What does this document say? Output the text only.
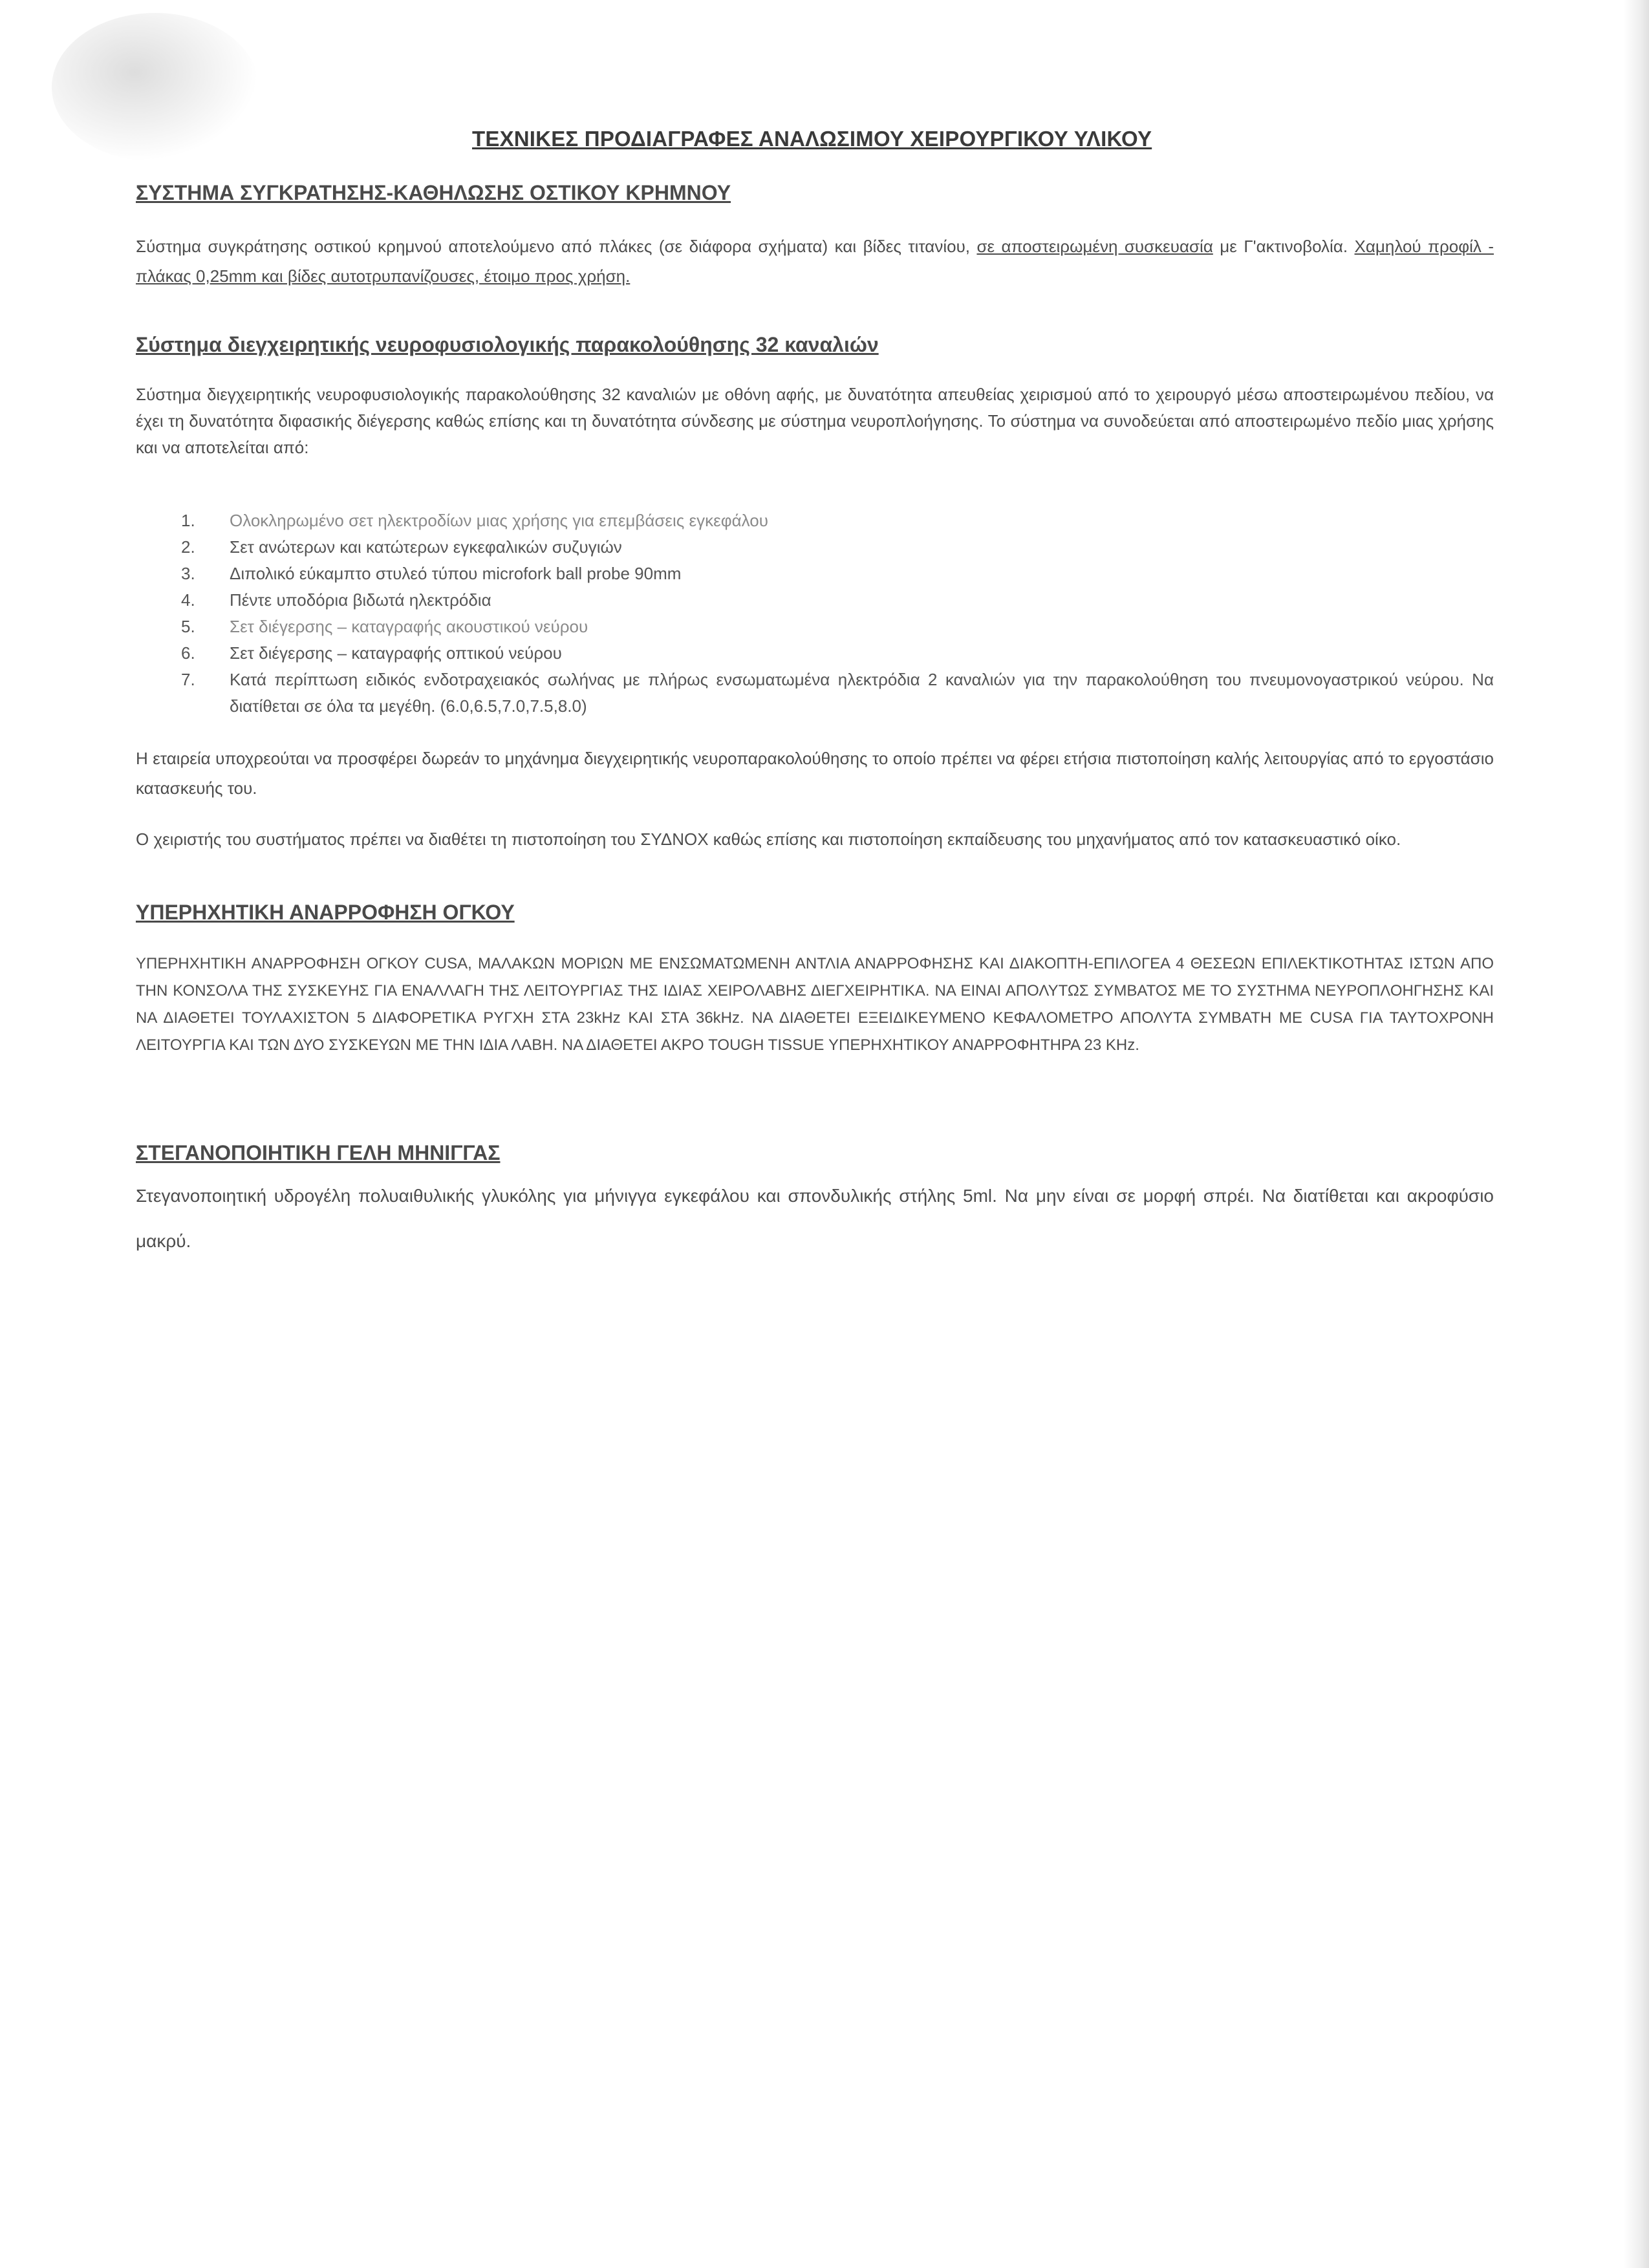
ΤΕΧΝΙΚΕΣ ΠΡΟΔΙΑΓΡΑΦΕΣ ΑΝΑΛΩΣΙΜΟΥ ΧΕΙΡΟΥΡΓΙΚΟΥ ΥΛΙΚΟΥ
ΣΥΣΤΗΜΑ ΣΥΓΚΡΑΤΗΣΗΣ-ΚΑΘΗΛΩΣΗΣ ΟΣΤΙΚΟΥ ΚΡΗΜΝΟΥ
Σύστημα συγκράτησης οστικού κρημνού αποτελούμενο από πλάκες (σε διάφορα σχήματα) και βίδες τιτανίου, σε αποστειρωμένη συσκευασία με Γ'ακτινοβολία. Χαμηλού προφίλ - πλάκας 0,25mm και βίδες αυτοτρυπανίζουσες, έτοιμο προς χρήση.
Σύστημα διεγχειρητικής νευροφυσιολογικής παρακολούθησης 32 καναλιών
Σύστημα διεγχειρητικής νευροφυσιολογικής παρακολούθησης 32 καναλιών με οθόνη αφής, με δυνατότητα απευθείας χειρισμού από το χειρουργό μέσω αποστειρωμένου πεδίου, να έχει τη δυνατότητα διφασικής διέγερσης καθώς επίσης και τη δυνατότητα σύνδεσης με σύστημα νευροπλοήγησης. Το σύστημα να συνοδεύεται από αποστειρωμένο πεδίο μιας χρήσης και να αποτελείται από:
1. Ολοκληρωμένο σετ ηλεκτροδίων μιας χρήσης για επεμβάσεις εγκεφάλου
2. Σετ ανώτερων και κατώτερων εγκεφαλικών συζυγιών
3. Διπολικό εύκαμπτο στυλεό τύπου microfork ball probe 90mm
4. Πέντε υποδόρια βιδωτά ηλεκτρόδια
5. Σετ διέγερσης – καταγραφής ακουστικού νεύρου
6. Σετ διέγερσης – καταγραφής οπτικού νεύρου
7. Κατά περίπτωση ειδικός ενδοτραχειακός σωλήνας με πλήρως ενσωματωμένα ηλεκτρόδια 2 καναλιών για την παρακολούθηση του πνευμονογαστρικού νεύρου. Να διατίθεται σε όλα τα μεγέθη. (6.0,6.5,7.0,7.5,8.0)
Η εταιρεία υποχρεούται να προσφέρει δωρεάν το μηχάνημα διεγχειρητικής νευροπαρακολούθησης το οποίο πρέπει να φέρει ετήσια πιστοποίηση καλής λειτουργίας από το εργοστάσιο κατασκευής του.
Ο χειριστής του συστήματος πρέπει να διαθέτει τη πιστοποίηση του ΣΥΔΝΟΧ καθώς επίσης και πιστοποίηση εκπαίδευσης του μηχανήματος από τον κατασκευαστικό οίκο.
ΥΠΕΡΗΧΗΤΙΚΗ ΑΝΑΡΡΟΦΗΣΗ ΟΓΚΟΥ
ΥΠΕΡΗΧΗΤΙΚΗ ΑΝΑΡΡΟΦΗΣΗ ΟΓΚΟΥ CUSA, ΜΑΛΑΚΩΝ ΜΟΡΙΩΝ ΜΕ ΕΝΣΩΜΑΤΩΜΕΝΗ ΑΝΤΛΙΑ ΑΝΑΡΡΟΦΗΣΗΣ ΚΑΙ ΔΙΑΚΟΠΤΗ-ΕΠΙΛΟΓΕΑ 4 ΘΕΣΕΩΝ ΕΠΙΛΕΚΤΙΚΟΤΗΤΑΣ ΙΣΤΩΝ ΑΠΟ ΤΗΝ ΚΟΝΣΟΛΑ ΤΗΣ ΣΥΣΚΕΥΗΣ ΓΙΑ ΕΝΑΛΛΑΓΗ ΤΗΣ ΛΕΙΤΟΥΡΓΙΑΣ ΤΗΣ ΙΔΙΑΣ ΧΕΙΡΟΛΑΒΗΣ ΔΙΕΓΧΕΙΡΗΤΙΚΑ. ΝΑ ΕΙΝΑΙ ΑΠΟΛΥΤΩΣ ΣΥΜΒΑΤΟΣ ΜΕ ΤΟ ΣΥΣΤΗΜΑ ΝΕΥΡΟΠΛΟΗΓΗΣΗΣ ΚΑΙ ΝΑ ΔΙΑΘΕΤΕΙ ΤΟΥΛΑΧΙΣΤΟΝ 5 ΔΙΑΦΟΡΕΤΙΚΑ ΡΥΓΧΗ ΣΤΑ 23kHz ΚΑΙ ΣΤΑ 36kHz. ΝΑ ΔΙΑΘΕΤΕΙ ΕΞΕΙΔΙΚΕΥΜΕΝΟ ΚΕΦΑΛΟΜΕΤΡΟ ΑΠΟΛΥΤΑ ΣΥΜΒΑΤΗ ΜΕ CUSA ΓΙΑ ΤΑΥΤΟΧΡΟΝΗ ΛΕΙΤΟΥΡΓΙΑ ΚΑΙ ΤΩΝ ΔΥΟ ΣΥΣΚΕΥΩΝ ΜΕ ΤΗΝ ΙΔΙΑ ΛΑΒΗ. ΝΑ ΔΙΑΘΕΤΕΙ ΑΚΡΟ TOUGH TISSUE ΥΠΕΡΗΧΗΤΙΚΟΥ ΑΝΑΡΡΟΦΗΤΗΡΑ 23 KHz.
ΣΤΕΓΑΝΟΠΟΙΗΤΙΚΗ ΓΕΛΗ ΜΗΝΙΓΓΑΣ
Στεγανοποιητική υδρογέλη πολυαιθυλικής γλυκόλης για μήνιγγα εγκεφάλου και σπονδυλικής στήλης 5ml. Να μην είναι σε μορφή σπρέι. Να διατίθεται και ακροφύσιο μακρύ.
